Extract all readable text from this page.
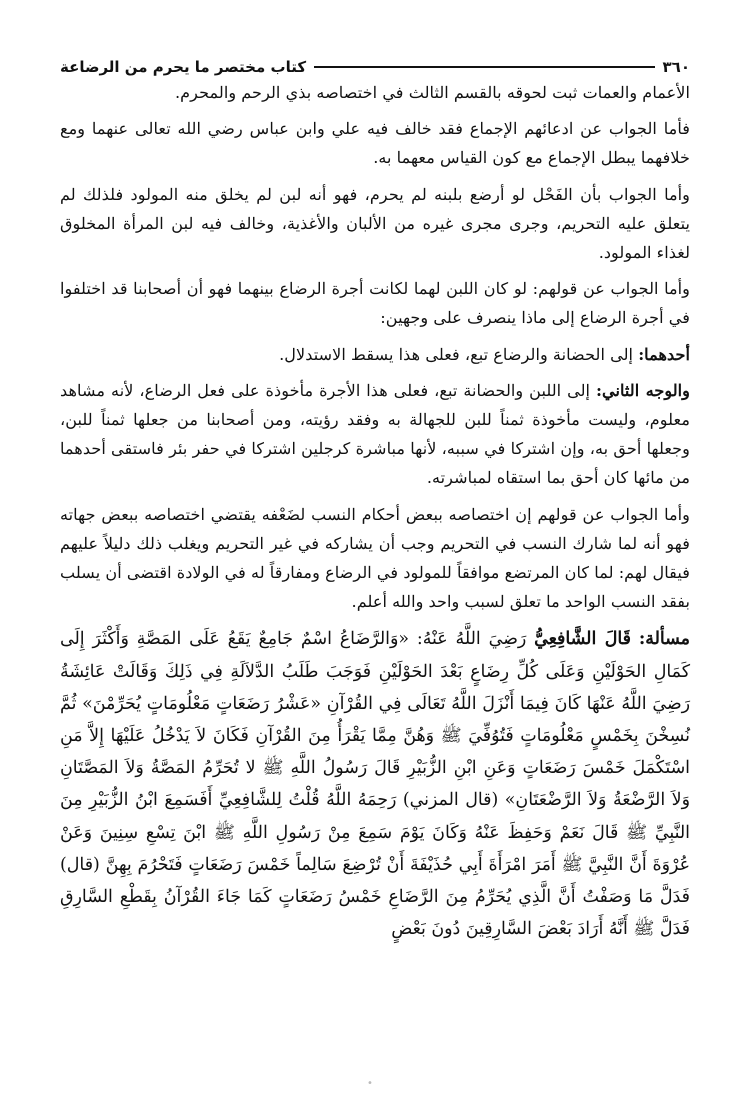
٣٦٠
كتاب مختصر ما يحرم من الرضاعة

الأعمام والعمات ثبت لحوقه بالقسم الثالث في اختصاصه بذي الرحم والمحرم.

فأما الجواب عن ادعائهم الإجماع فقد خالف فيه علي وابن عباس رضي الله تعالى عنهما ومع خلافهما يبطل الإجماع مع كون القياس معهما به.

وأما الجواب بأن الفَحْل لو أرضع بلبنه لم يحرم، فهو أنه لبن لم يخلق منه المولود فلذلك لم يتعلق عليه التحريم، وجرى مجرى غيره من الألبان والأغذية، وخالف فيه لبن المرأة المخلوق لغذاء المولود.

وأما الجواب عن قولهم: لو كان اللبن لهما لكانت أجرة الرضاع بينهما فهو أن أصحابنا قد اختلفوا في أجرة الرضاع إلى ماذا ينصرف على وجهين:

أحدهما: إلى الحضانة والرضاع تبع، فعلى هذا يسقط الاستدلال.

والوجه الثاني: إلى اللبن والحضانة تبع، فعلى هذا الأجرة مأخوذة على فعل الرضاع، لأنه مشاهد معلوم، وليست مأخوذة ثمناً للبن للجهالة به وفقد رؤيته، ومن أصحابنا من جعلها ثمناً للبن، وجعلها أحق به، وإن اشتركا في سببه، لأنها مباشرة كرجلين اشتركا في حفر بئر فاستقى أحدهما من مائها كان أحق بما استقاه لمباشرته.

وأما الجواب عن قولهم إن اختصاصه ببعض أحكام النسب لضَعْفه يقتضي اختصاصه ببعض جهاته فهو أنه لما شارك النسب في التحريم وجب أن يشاركه في غير التحريم ويغلب ذلك دليلاً عليهم فيقال لهم: لما كان المرتضع موافقاً للمولود في الرضاع ومفارقاً له في الولادة اقتضى أن يسلب بفقد النسب الواحد ما تعلق لسبب واحد والله أعلم.

مسألة: قَالَ الشَّافِعِيُّ رَضِيَ اللَّهُ عَنْهُ: «وَالرَّضَاعُ اسْمٌ جَامِعٌ يَقَعُ عَلَى المَصَّةِ وَأَكْثَرَ إِلَى كَمَالِ الحَوْلَيْنِ وَعَلَى كُلِّ رِضَاعٍ بَعْدَ الحَوْلَيْنِ فَوَجَبَ طَلَبُ الدَّلاَلَةِ فِي ذَلِكَ وَقَالَتْ عَائِشَةُ رَضِيَ اللَّهُ عَنْهَا كَانَ فِيمَا أَنْزَلَ اللَّهُ تَعَالَى فِي القُرْآنِ «عَشْرُ رَضَعَاتٍ مَعْلُومَاتٍ يُحَرِّمْنَ» ثُمَّ نُسِخْنَ بِخَمْسٍ مَعْلُومَاتٍ فَتُوُفِّيَ ﷺ وَهُنَّ مِمَّا يَقْرَأُ مِنَ القُرْآنِ فَكَانَ لاَ يَدْخُلُ عَلَيْهَا إِلاَّ مَنِ اسْتَكْمَلَ خَمْسَ رَضَعَاتٍ وَعَنِ ابْنِ الزُّبَيْرِ قَالَ رَسُولُ اللَّهِ ﷺ لا تُحَرِّمُ المَصَّةُ وَلاَ المَصَّتَانِ وَلاَ الرَّضْعَةُ وَلاَ الرَّضْعَتَانِ» (قال المزني) رَحِمَهُ اللَّهُ قُلْتُ لِلشَّافِعِيِّ أَفَسَمِعَ ابْنُ الزُّبَيْرِ مِنَ النَّبِيِّ ﷺ قَالَ نَعَمْ وَحَفِظَ عَنْهُ وَكَانَ يَوْمَ سَمِعَ مِنْ رَسُولِ اللَّهِ ﷺ ابْنَ تِسْعِ سِنِينَ وَعَنْ عُرْوَةَ أَنَّ النَّبِيَّ ﷺ أَمَرَ امْرَأَةَ أَبِي حُذَيْفَةَ أَنْ تُرْضِعَ سَالِماً خَمْسَ رَضَعَاتٍ فَتَحْرُمَ بِهِنَّ (قال) فَدَلَّ مَا وَصَفْتُ أَنَّ الَّذِي يُحَرِّمُ مِنَ الرَّضَاعِ خَمْسُ رَضَعَاتٍ كَمَا جَاءَ القُرْآنُ بِقَطْعِ السَّارِقِ فَدَلَّ ﷺ أَنَّهُ أَرَادَ بَعْضَ السَّارِقِينَ دُونَ بَعْضٍ

•
